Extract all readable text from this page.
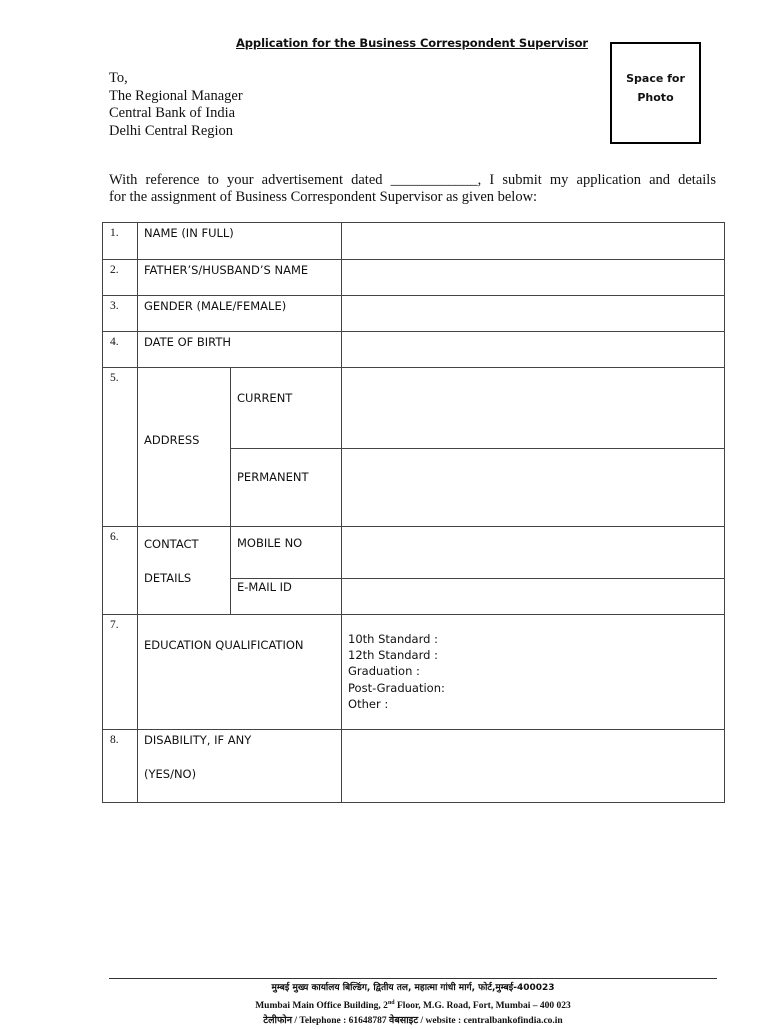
Application for the Business Correspondent Supervisor
Space for
Photo
To,
The Regional Manager
Central Bank of India
Delhi Central Region
With reference to your advertisement dated ____________, I submit my application and details
for the assignment of Business Correspondent Supervisor as given below:
1.	NAME (IN FULL)		
2.	FATHER’S/HUSBAND’S NAME		
3.	GENDER (MALE/FEMALE)		
4.	DATE OF BIRTH		
5.	ADDRESS	CURRENT	
		PERMANENT	
6.	CONTACT
DETAILS	MOBILE NO	
		E-MAIL ID	
7.	EDUCATION QUALIFICATION		10th Standard :
12th Standard :
Graduation :
Post-Graduation:
Other :

8.	DISABILITY, IF ANY
(YES/NO)		

मुम्बई मुख्य कार्यालय बिल्डिंग, द्वितीय तल, महात्मा गांधी मार्ग, फोर्ट,मुम्बई-400023
Mumbai Main Office Building, 2nd Floor, M.G. Road, Fort, Mumbai – 400 023
टेलीफोन / Telephone : 61648787 वेबसाइट / website : centralbankofindia.co.in
